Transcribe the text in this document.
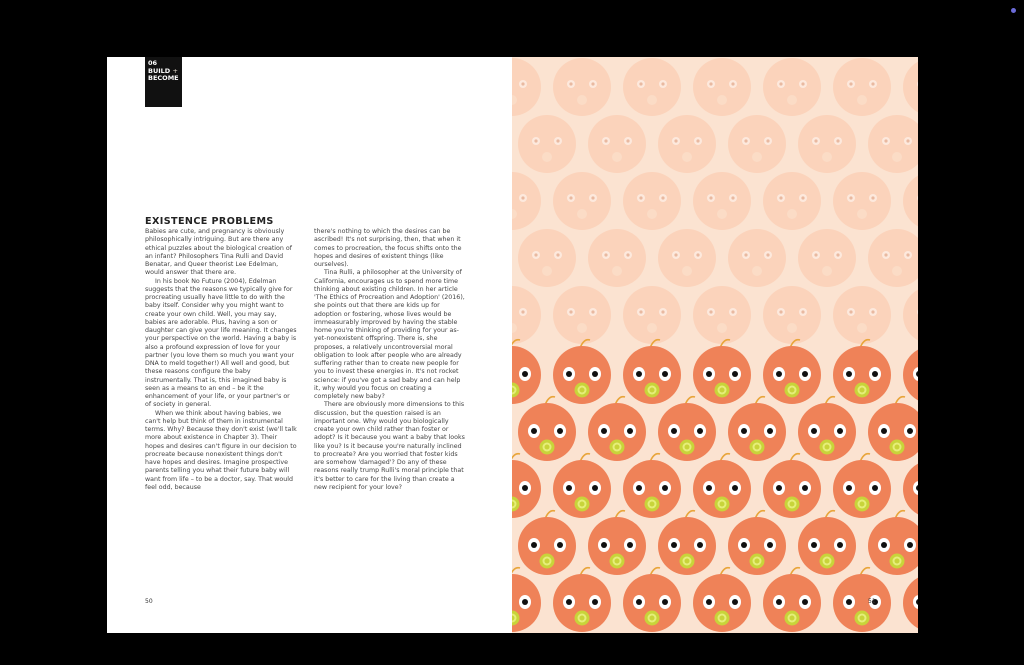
06
BUILD +
BECOME
EXISTENCE PROBLEMS

Babies are cute, and pregnancy is obviously philosophically intriguing. But are there any ethical puzzles about the biological creation of an infant? Philosophers Tina Rulli and David Benatar, and Queer theorist Lee Edelman, would answer that there are.

In his book No Future (2004), Edelman suggests that the reasons we typically give for procreating usually have little to do with the baby itself. Consider why you might want to create your own child. Well, you may say, babies are adorable. Plus, having a son or daughter can give your life meaning. It changes your perspective on the world. Having a baby is also a profound expression of love for your partner (you love them so much you want your DNA to meld together!) All well and good, but these reasons configure the baby instrumentally. That is, this imagined baby is seen as a means to an end – be it the enhancement of your life, or your partner's or of society in general.

When we think about having babies, we can't help but think of them in instrumental terms. Why? Because they don't exist (we'll talk more about existence in Chapter 3). Their hopes and desires can't figure in our decision to procreate because nonexistent things don't have hopes and desires. Imagine prospective parents telling you what their future baby will want from life – to be a doctor, say. That would feel odd, because

there's nothing to which the desires can be ascribed! It's not surprising, then, that when it comes to procreation, the focus shifts onto the hopes and desires of existent things (like ourselves).

Tina Rulli, a philosopher at the University of California, encourages us to spend more time thinking about existing children. In her article 'The Ethics of Procreation and Adoption' (2016), she points out that there are kids up for adoption or fostering, whose lives would be immeasurably improved by having the stable home you're thinking of providing for your as-yet-nonexistent offspring. There is, she proposes, a relatively uncontroversial moral obligation to look after people who are already suffering rather than to create new people for you to invest these energies in. It's not rocket science: if you've got a sad baby and can help it, why would you focus on creating a completely new baby?

There are obviously more dimensions to this discussion, but the question raised is an important one. Why would you biologically create your own child rather than foster or adopt? Is it because you want a baby that looks like you? Is it because you're naturally inclined to procreate? Are you worried that foster kids are somehow 'damaged'? Do any of these reasons really trump Rulli's moral principle that it's better to care for the living than create a new recipient for your love?

50	51
